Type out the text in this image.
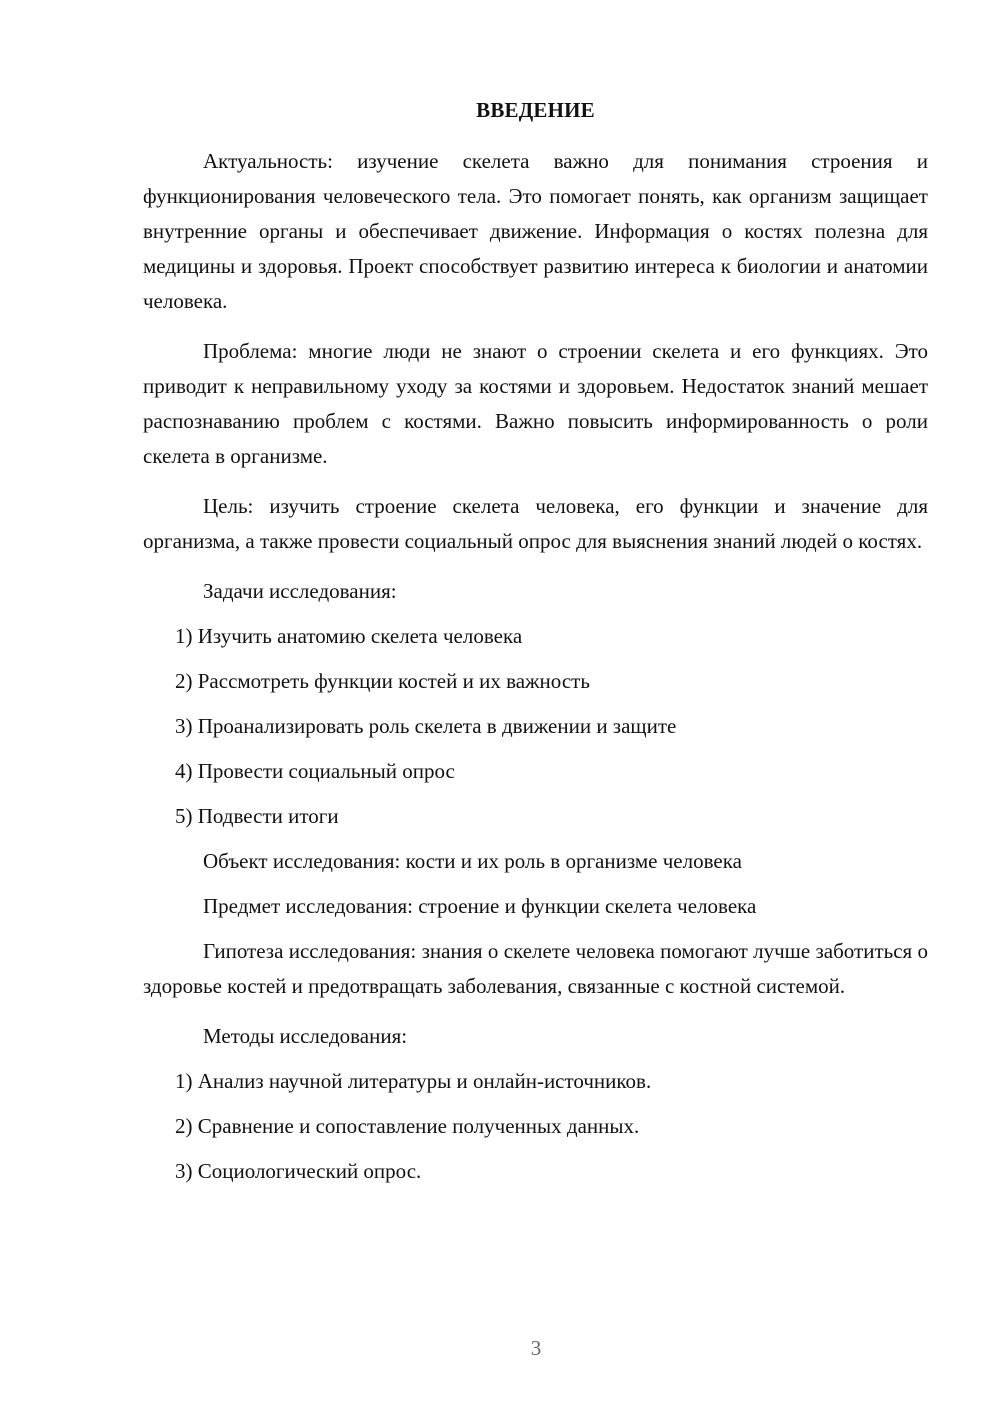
ВВЕДЕНИЕ

Актуальность: изучение скелета важно для понимания строения и функционирования человеческого тела. Это помогает понять, как организм защищает внутренние органы и обеспечивает движение. Информация о костях полезна для медицины и здоровья. Проект способствует развитию интереса к биологии и анатомии человека.

Проблема: многие люди не знают о строении скелета и его функциях. Это приводит к неправильному уходу за костями и здоровьем. Недостаток знаний мешает распознаванию проблем с костями. Важно повысить информированность о роли скелета в организме.

Цель: изучить строение скелета человека, его функции и значение для организма, а также провести социальный опрос для выяснения знаний людей о костях.

Задачи исследования:

1) Изучить анатомию скелета человека

2) Рассмотреть функции костей и их важность

3) Проанализировать роль скелета в движении и защите

4) Провести социальный опрос

5) Подвести итоги

Объект исследования: кости и их роль в организме человека

Предмет исследования: строение и функции скелета человека

Гипотеза исследования: знания о скелете человека помогают лучше заботиться о здоровье костей и предотвращать заболевания, связанные с костной системой.

Методы исследования:

1) Анализ научной литературы и онлайн-источников.

2) Сравнение и сопоставление полученных данных.

3) Социологический опрос.

3
